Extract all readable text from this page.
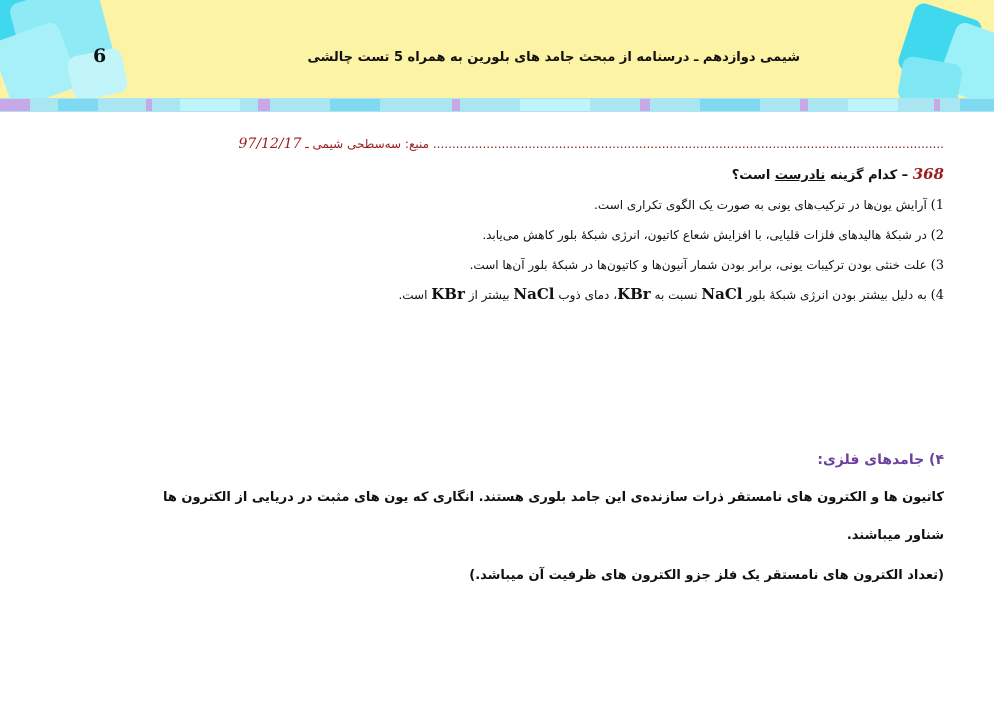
6	شیمی دوازدهم ـ درسنامه از مبحث جامد های بلورین به همراه 5 تست چالشی
...................................................................................................................................... منبع: سه‌سطحی شیمی ـ 97/12/17
368 – کدام گزینه نادرست است؟
1) آرایش یون‌ها در ترکیب‌های یونی به صورت یک الگوی تکراری است.
2) در شبکهٔ هالیدهای فلزات قلیایی، با افزایش شعاع کاتیون، انرژی شبکهٔ بلور کاهش می‌یابد.
3) علت خنثی بودن ترکیبات یونی، برابر بودن شمار آنیون‌ها و کاتیون‌ها در شبکهٔ بلور آن‌ها است.
4) به دلیل بیشتر بودن انرژی شبکهٔ بلور NaCl نسبت به KBr، دمای ذوب NaCl بیشتر از KBr است.
۴) جامدهای فلزی:
کاتیون ها و الکترون های نامستقر ذرات سازنده‌ی این جامد بلوری هستند. انگاری که یون های مثبت در دریایی از الکترون ها
شناور میباشند.
(تعداد الکترون های نامستقر یک فلز جزو الکترون های ظرفیت آن میباشد.)
